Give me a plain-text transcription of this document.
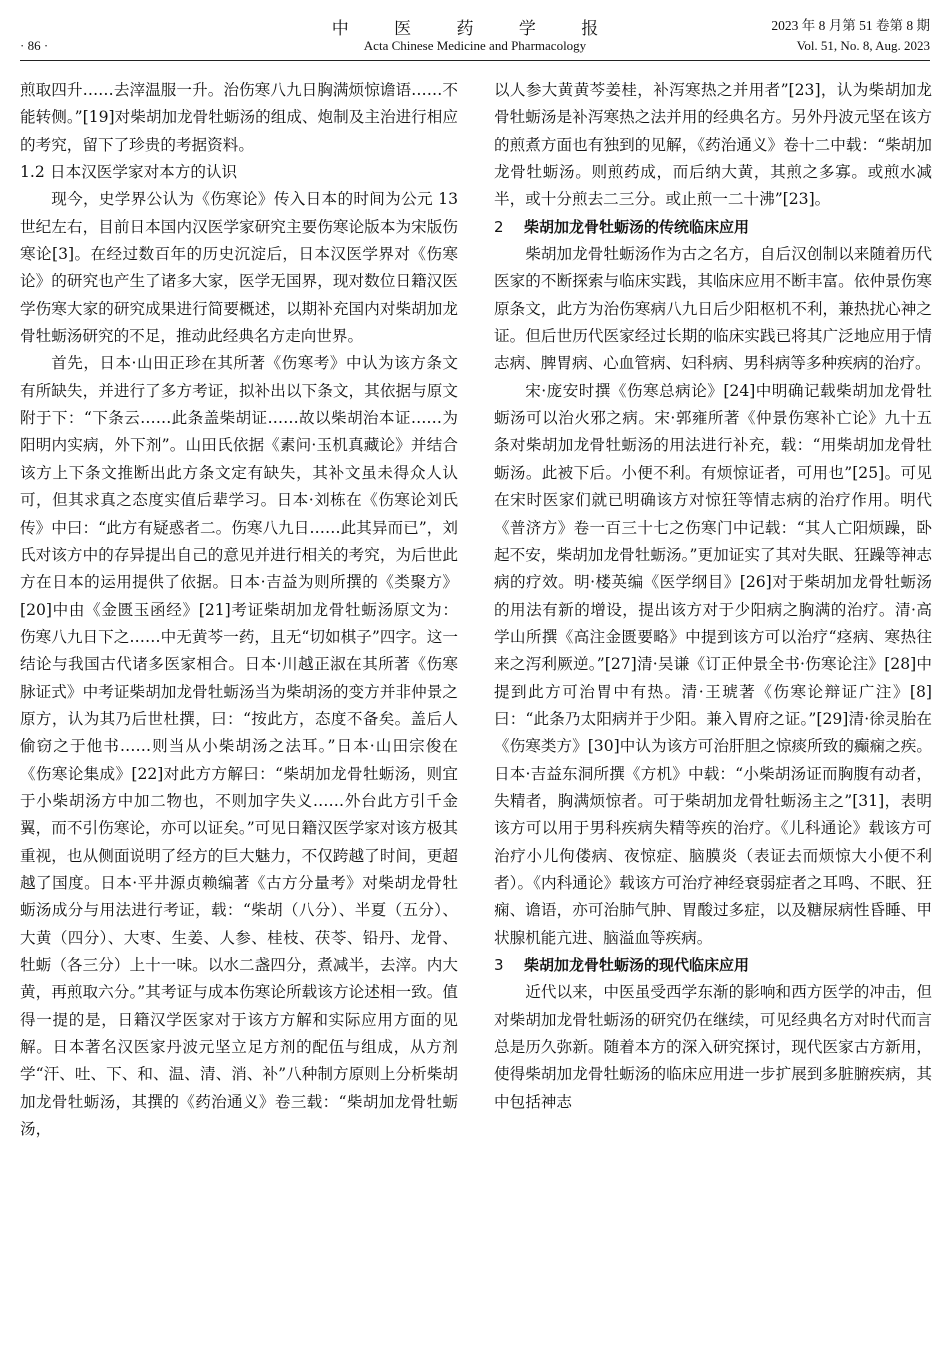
· 86 ·
中 医 药 学 报
Acta Chinese Medicine and Pharmacology
2023 年 8 月第 51 卷第 8 期
Vol. 51, No. 8, Aug. 2023

煎取四升……去滓温服一升。治伤寒八九日胸满烦惊谵语……不能转侧。”[19]对柴胡加龙骨牡蛎汤的组成、炮制及主治进行相应的考究，留下了珍贵的考据资料。

1.2 日本汉医学家对本方的认识

现今，史学界公认为《伤寒论》传入日本的时间为公元 13 世纪左右，目前日本国内汉医学家研究主要伤寒论版本为宋版伤寒论[3]。在经过数百年的历史沉淀后，日本汉医学界对《伤寒论》的研究也产生了诸多大家，医学无国界，现对数位日籍汉医学伤寒大家的研究成果进行简要概述，以期补充国内对柴胡加龙骨牡蛎汤研究的不足，推动此经典名方走向世界。

首先，日本·山田正珍在其所著《伤寒考》中认为该方条文有所缺失，并进行了多方考证，拟补出以下条文，其依据与原文附于下：“下条云……此条盖柴胡证……故以柴胡治本证……为阳明内实病，外下剂”。山田氏依据《素问·玉机真藏论》并结合该方上下条文推断出此方条文定有缺失，其补文虽未得众人认可，但其求真之态度实值后辈学习。日本·刘栋在《伤寒论刘氏传》中曰：“此方有疑惑者二。伤寒八九日……此其异而已”，刘氏对该方中的存异提出自己的意见并进行相关的考究，为后世此方在日本的运用提供了依据。日本·吉益为则所撰的《类聚方》[20]中由《金匮玉函经》[21]考证柴胡加龙骨牡蛎汤原文为：伤寒八九日下之……中无黄芩一药，且无“切如棋子”四字。这一结论与我国古代诸多医家相合。日本·川越正淑在其所著《伤寒脉证式》中考证柴胡加龙骨牡蛎汤当为柴胡汤的变方并非仲景之原方，认为其乃后世杜撰，曰：“按此方，态度不备矣。盖后人偷窃之于他书……则当从小柴胡汤之法耳。”日本·山田宗俊在《伤寒论集成》[22]对此方方解曰：“柴胡加龙骨牡蛎汤，则宜于小柴胡汤方中加二物也，不则加字失义……外台此方引千金翼，而不引伤寒论，亦可以证矣。”可见日籍汉医学家对该方极其重视，也从侧面说明了经方的巨大魅力，不仅跨越了时间，更超越了国度。日本·平井源贞赖编著《古方分量考》对柴胡龙骨牡蛎汤成分与用法进行考证，载：“柴胡（八分）、半夏（五分）、大黄（四分）、大枣、生姜、人参、桂枝、茯苓、铅丹、龙骨、牡蛎（各三分）上十一味。以水二盏四分，煮减半，去滓。内大黄，再煎取六分。”其考证与成本伤寒论所载该方论述相一致。值得一提的是，日籍汉学医家对于该方方解和实际应用方面的见解。日本著名汉医家丹波元坚立足方剂的配伍与组成，从方剂学“汗、吐、下、和、温、清、消、补”八种制方原则上分析柴胡加龙骨牡蛎汤，其撰的《药治通义》卷三载：“柴胡加龙骨牡蛎汤，

以人参大黄黄芩姜桂，补泻寒热之并用者”[23]，认为柴胡加龙骨牡蛎汤是补泻寒热之法并用的经典名方。另外丹波元坚在该方的煎煮方面也有独到的见解，《药治通义》卷十二中载：“柴胡加龙骨牡蛎汤。则煎药成，而后纳大黄，其煎之多寡。或煎水减半，或十分煎去二三分。或止煎一二十沸”[23]。

2 柴胡加龙骨牡蛎汤的传统临床应用

柴胡加龙骨牡蛎汤作为古之名方，自后汉创制以来随着历代医家的不断探索与临床实践，其临床应用不断丰富。依仲景伤寒原条文，此方为治伤寒病八九日后少阳枢机不利，兼热扰心神之证。但后世历代医家经过长期的临床实践已将其广泛地应用于情志病、脾胃病、心血管病、妇科病、男科病等多种疾病的治疗。

宋·庞安时撰《伤寒总病论》[24]中明确记载柴胡加龙骨牡蛎汤可以治火邪之病。宋·郭雍所著《仲景伤寒补亡论》九十五条对柴胡加龙骨牡蛎汤的用法进行补充，载：“用柴胡加龙骨牡蛎汤。此被下后。小便不利。有烦惊证者，可用也”[25]。可见在宋时医家们就已明确该方对惊狂等情志病的治疗作用。明代《普济方》卷一百三十七之伤寒门中记载：“其人亡阳烦躁，卧起不安，柴胡加龙骨牡蛎汤。”更加证实了其对失眠、狂躁等神志病的疗效。明·楼英编《医学纲目》[26]对于柴胡加龙骨牡蛎汤的用法有新的增设，提出该方对于少阳病之胸满的治疗。清·高学山所撰《高注金匮要略》中提到该方可以治疗“痉病、寒热往来之泻利厥逆。”[27]清·吴谦《订正仲景全书·伤寒论注》[28]中提到此方可治胃中有热。清·王琥著《伤寒论辩证广注》[8]曰：“此条乃太阳病并于少阳。兼入胃府之证。”[29]清·徐灵胎在《伤寒类方》[30]中认为该方可治肝胆之惊痰所致的癫痫之疾。日本·吉益东洞所撰《方机》中载：“小柴胡汤证而胸腹有动者，失精者，胸满烦惊者。可于柴胡加龙骨牡蛎汤主之”[31]，表明该方可以用于男科疾病失精等疾的治疗。《儿科通论》载该方可治疗小儿佝偻病、夜惊症、脑膜炎（表证去而烦惊大小便不利者）。《内科通论》载该方可治疗神经衰弱症者之耳鸣、不眠、狂痫、谵语，亦可治肺气肿、胃酸过多症，以及糖尿病性昏睡、甲状腺机能亢进、脑溢血等疾病。

3 柴胡加龙骨牡蛎汤的现代临床应用

近代以来，中医虽受西学东渐的影响和西方医学的冲击，但对柴胡加龙骨牡蛎汤的研究仍在继续，可见经典名方对时代而言总是历久弥新。随着本方的深入研究探讨，现代医家古方新用，使得柴胡加龙骨牡蛎汤的临床应用进一步扩展到多脏腑疾病，其中包括神志
